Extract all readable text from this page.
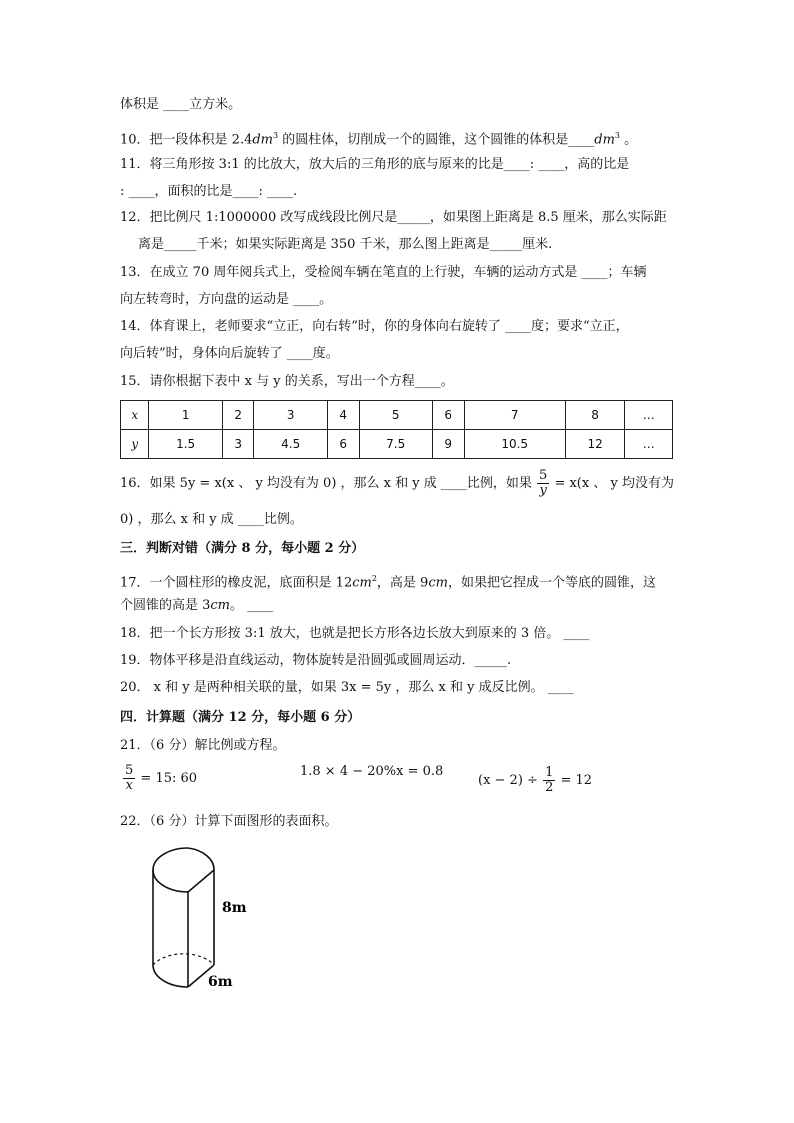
体积是 ____立方米。
10．把一段体积是 $2.4dm^3$ 的圆柱体，切削成一个的圆锥，这个圆锥的体积是$\_\_\_\_dm^3$ 。
11．将三角形按 3:1 的比放大，放大后的三角形的底与原来的比是____: ____，高的比是
: ____，面积的比是____: ____.
12．把比例尺 1:1000000 改写成线段比例尺是_____，如果图上距离是 8.5 厘米，那么实际距
离是_____千米；如果实际距离是 350 千米，那么图上距离是_____厘米.
13．在成立 70 周年阅兵式上，受检阅车辆在笔直的上行驶，车辆的运动方式是 ____；车辆
向左转弯时，方向盘的运动是 ____。
14．体育课上，老师要求“立正，向右转”时，你的身体向右旋转了 ____度；要求“立正，
向后转”时，身体向后旋转了 ____度。
15．请你根据下表中 x 与 y 的关系，写出一个方程____。
x	1	2	3	4	5	6	7	8	…
y	1.5	3	4.5	6	7.5	9	10.5	12	…
16．如果 5y = x(x 、 y 均没有为 0) ，那么 x 和 y 成 ____比例，如果 $\frac{5}{y} = x(x$ 、 y 均没有为
0) ，那么 x 和 y 成 ____比例。
三．判断对错（满分 8 分，每小题 2 分）
17．一个圆柱形的橡皮泥，底面积是 $12cm^2$，高是 9cm，如果把它捏成一个等底的圆锥，这
个圆锥的高是 3cm。 ____
18．把一个长方形按 3:1 放大，也就是把长方形各边长放大到原来的 3 倍。 ____
19．物体平移是沿直线运动，物体旋转是沿圆弧或圆周运动．_____.
20． x 和 y 是两种相关联的量，如果 3x = 5y ，那么 x 和 y 成反比例。 ____
四．计算题（满分 12 分，每小题 6 分）
21．（6 分）解比例或方程。
$\frac{5}{x} = 15$: 60	1.8 × 4 − 20%x = 0.8
$(x - 2) \div \frac{1}{2} = 12$
22．（6 分）计算下面图形的表面积。
8m
6m
